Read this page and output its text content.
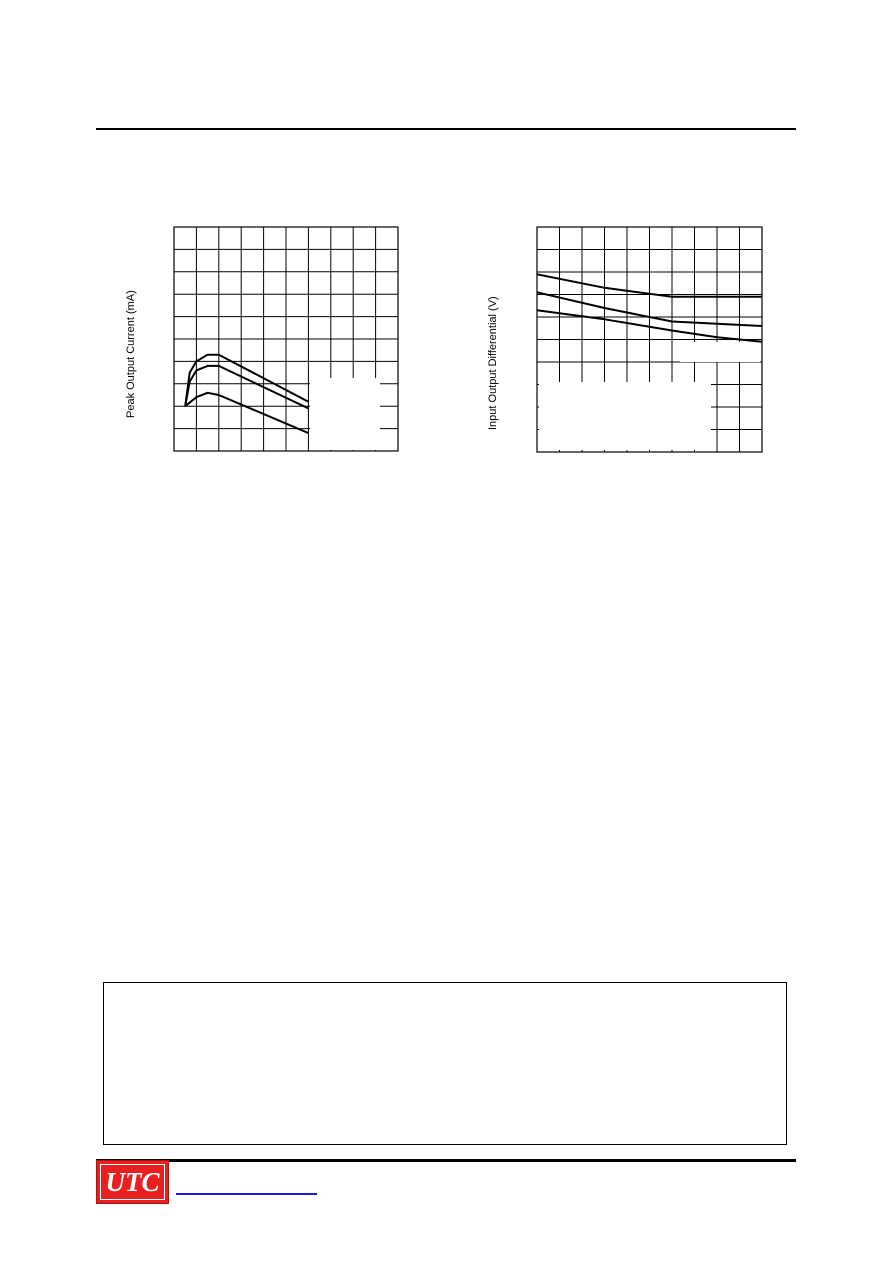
Peak Output Current (mA)	Input Output Differential (V)
UTC
